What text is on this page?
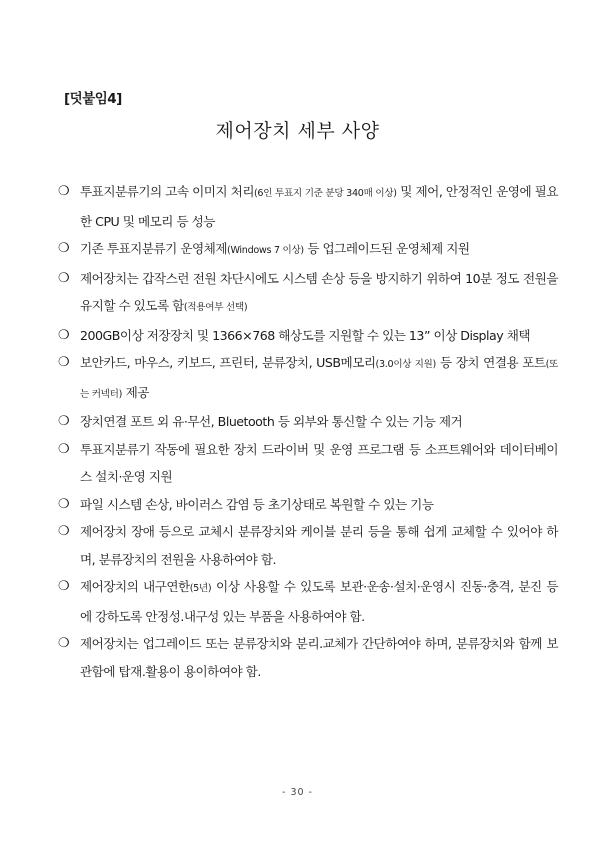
[덧붙임4]
제어장치 세부 사양
❍ 투표지분류기의 고속 이미지 처리(6인 투표지 기준 분당 340매 이상) 및 제어, 안정적인 운영에 필요한 CPU 및 메모리 등 성능
❍ 기존 투표지분류기 운영체제(Windows 7 이상) 등 업그레이드된 운영체제 지원
❍ 제어장치는 갑작스런 전원 차단시에도 시스템 손상 등을 방지하기 위하여 10분 정도 전원을 유지할 수 있도록 함(적용여부 선택)
❍ 200GB이상 저장장치 및 1366×768 해상도를 지원할 수 있는 13” 이상 Display 채택
❍ 보안카드, 마우스, 키보드, 프린터, 분류장치, USB메모리(3.0이상 지원) 등 장치 연결용 포트(또는 커넥터) 제공
❍ 장치연결 포트 외 유·무선, Bluetooth 등 외부와 통신할 수 있는 기능 제거
❍ 투표지분류기 작동에 필요한 장치 드라이버 및 운영 프로그램 등 소프트웨어와 데이터베이스 설치·운영 지원
❍ 파일 시스템 손상, 바이러스 감염 등 초기상태로 복원할 수 있는 기능
❍ 제어장치 장애 등으로 교체시 분류장치와 케이블 분리 등을 통해 쉽게 교체할 수 있어야 하며, 분류장치의 전원을 사용하여야 함.
❍ 제어장치의 내구연한(5년) 이상 사용할 수 있도록 보관·운송·설치·운영시 진동·충격, 분진 등에 강하도록 안정성.내구성 있는 부품을 사용하여야 함.
❍ 제어장치는 업그레이드 또는 분류장치와 분리.교체가 간단하여야 하며, 분류장치와 함께 보관함에 탑재.활용이 용이하여야 함.
- 30 -
